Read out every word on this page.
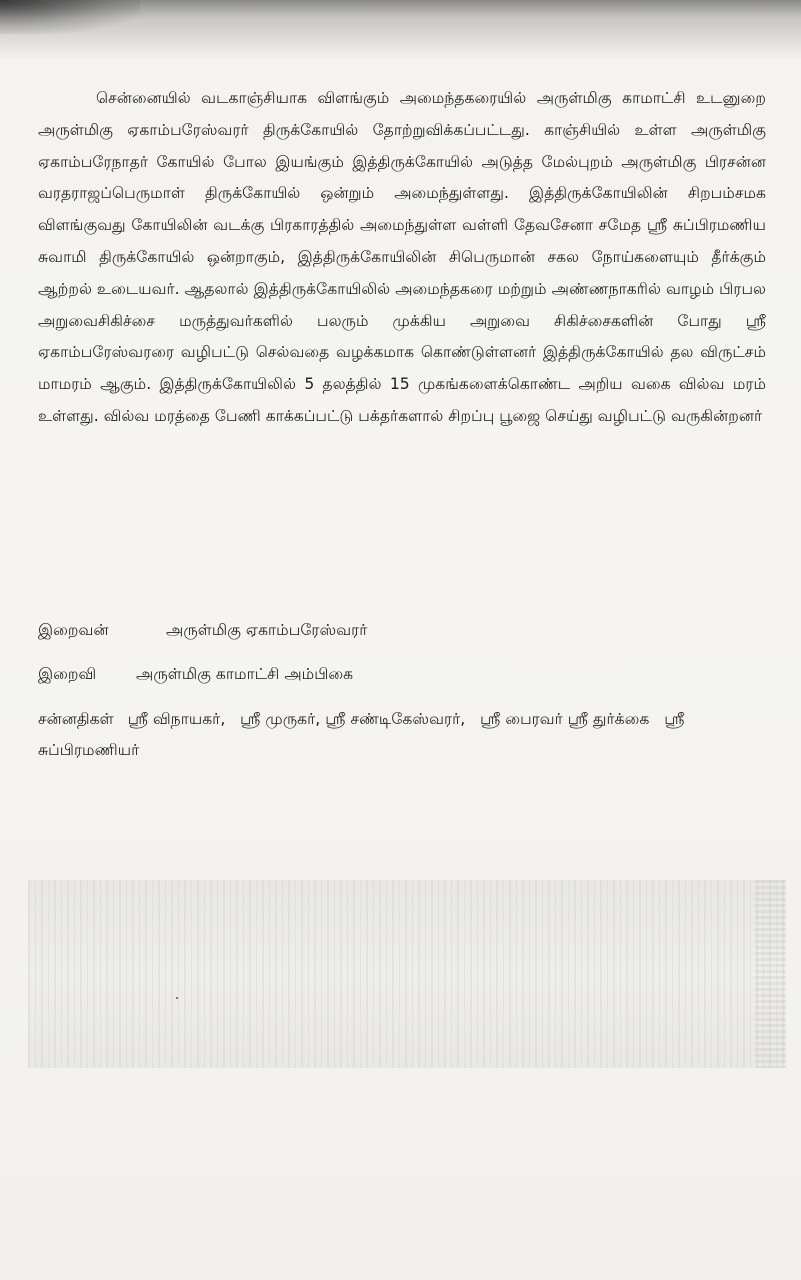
சென்னையில் வடகாஞ்சியாக விளங்கும் அமைந்தகரையில் அருள்மிகு காமாட்சி உடனுறை அருள்மிகு ஏகாம்பரேஸ்வரர் திருக்கோயில் தோற்றுவிக்கப்பட்டது. காஞ்சியில் உள்ள அருள்மிகு ஏகாம்பரேநாதர் கோயில் போல இயங்கும் இத்திருக்கோயில் அடுத்த மேல்புறம் அருள்மிகு பிரசன்ன வரதராஜப்பெருமாள் திருக்கோயில் ஒன்றும் அமைந்துள்ளது. இத்திருக்கோயிலின் சிறபம்சமக விளங்குவது கோயிலின் வடக்கு பிரகாரத்தில் அமைந்துள்ள வள்ளி தேவசேனா சமேத ஸ்ரீ சுப்பிரமணிய சுவாமி திருக்கோயில் ஒன்றாகும், இத்திருக்கோயிலின் சிபெருமான் சகல நோய்களையும் தீர்க்கும் ஆற்றல் உடையவர். ஆதலால் இத்திருக்கோயிலில் அமைந்தகரை மற்றும் அண்ணநாகரில் வாழம் பிரபல அறுவைசிகிச்சை மருத்துவர்களில் பலரும் முக்கிய அறுவை சிகிச்சைகளின் போது ஸ்ரீ ஏகாம்பரேஸ்வரரை வழிபட்டு செல்வதை வழக்கமாக கொண்டுள்ளனர் இத்திருக்கோயில் தல விருட்சம் மாமரம் ஆகும். இத்திருக்கோயிலில் 5 தலத்தில் 15 முகங்களைக்கொண்ட அறிய வகை வில்வ மரம் உள்ளது. வில்வ மரத்தை பேணி காக்கப்பட்டு பக்தர்களால் சிறப்பு பூஜை செய்து வழிபட்டு வருகின்றனர்

இறைவன்	அருள்மிகு ஏகாம்பரேஸ்வரர்
இறைவி	அருள்மிகு காமாட்சி அம்பிகை
சன்னதிகள் ஸ்ரீ விநாயகர்,   ஸ்ரீ முருகர், ஸ்ரீ சண்டிகேஸ்வரர்,   ஸ்ரீ பைரவர் ஸ்ரீ துர்க்கை   ஸ்ரீ சுப்பிரமணியர்
